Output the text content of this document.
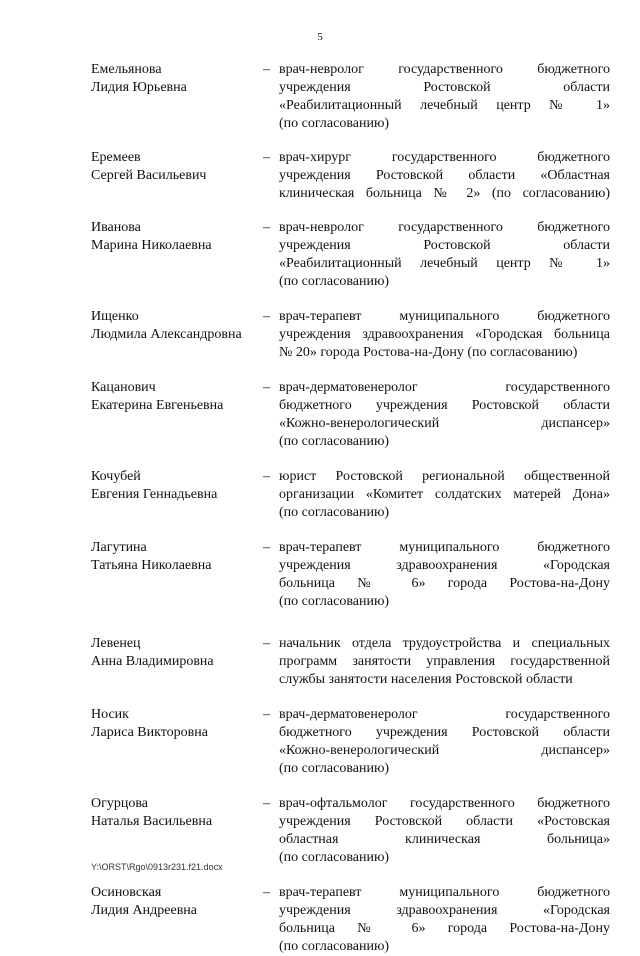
5
Емельянова
Лидия Юрьевна
– врач-невролог государственного бюджетного
учреждения Ростовской области
«Реабилитационный лечебный центр № 1»
(по согласованию)
Еремеев
Сергей Васильевич
– врач-хирург государственного бюджетного
учреждения Ростовской области «Областная
клиническая больница № 2» (по согласованию)
Иванова
Марина Николаевна
– врач-невролог государственного бюджетного
учреждения Ростовской области
«Реабилитационный лечебный центр № 1»
(по согласованию)
Ищенко
Людмила Александровна
– врач-терапевт муниципального бюджетного
учреждения здравоохранения «Городская больница
№ 20» города Ростова-на-Дону (по согласованию)
Кацанович
Екатерина Евгеньевна
– врач-дерматовенеролог государственного
бюджетного учреждения Ростовской области
«Кожно-венерологический диспансер»
(по согласованию)
Кочубей
Евгения Геннадьевна
– юрист Ростовской региональной общественной
организации «Комитет солдатских матерей Дона»
(по согласованию)
Лагутина
Татьяна Николаевна
– врач-терапевт муниципального бюджетного
учреждения здравоохранения «Городская
больница № 6» города Ростова-на-Дону
(по согласованию)
Левенец
Анна Владимировна
– начальник отдела трудоустройства и специальных
программ занятости управления государственной
службы занятости населения Ростовской области
Носик
Лариса Викторовна
– врач-дерматовенеролог государственного
бюджетного учреждения Ростовской области
«Кожно-венерологический диспансер»
(по согласованию)
Огурцова
Наталья Васильевна
– врач-офтальмолог государственного бюджетного
учреждения Ростовской области «Ростовская
областная клиническая больница»
(по согласованию)
Осиновская
Лидия Андреевна
– врач-терапевт муниципального бюджетного
учреждения здравоохранения «Городская
больница № 6» города Ростова-на-Дону
(по согласованию)
Y:\ORST\Rgo\0913r231.f21.docx
